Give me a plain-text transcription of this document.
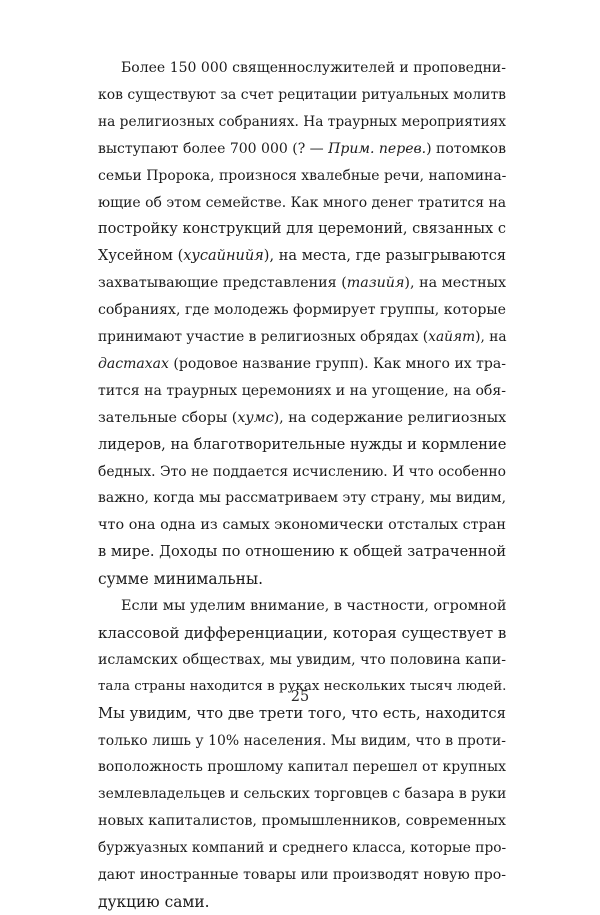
Более 150 000 священнослужителей и проповедни-
ков существуют за счет рецитации ритуальных молитв
на религиозных собраниях. На траурных мероприятиях
выступают более 700 000 (? — Прим. перев.) потомков
семьи Пророка, произнося хвалебные речи, напомина-
ющие об этом семействе. Как много денег тратится на
постройку конструкций для церемоний, связанных с
Хусейном (хусайнийя), на места, где разыгрываются
захватывающие представления (тазийя), на местных
собраниях, где молодежь формирует группы, которые
принимают участие в религиозных обрядах (хайят), на
дастахах (родовое название групп). Как много их тра-
тится на траурных церемониях и на угощение, на обя-
зательные сборы (хумс), на содержание религиозных
лидеров, на благотворительные нужды и кормление
бедных. Это не поддается исчислению. И что особенно
важно, когда мы рассматриваем эту страну, мы видим,
что она одна из самых экономически отсталых стран
в мире. Доходы по отношению к общей затраченной
сумме минимальны.
Если мы уделим внимание, в частности, огромной
классовой дифференциации, которая существует в
исламских обществах, мы увидим, что половина капи-
тала страны находится в руках нескольких тысяч людей.
Мы увидим, что две трети того, что есть, находится
только лишь у 10% населения. Мы видим, что в проти-
воположность прошлому капитал перешел от крупных
землевладельцев и сельских торговцев с базара в руки
новых капиталистов, промышленников, современных
буржуазных компаний и среднего класса, которые про-
дают иностранные товары или производят новую про-
дукцию сами.
25
